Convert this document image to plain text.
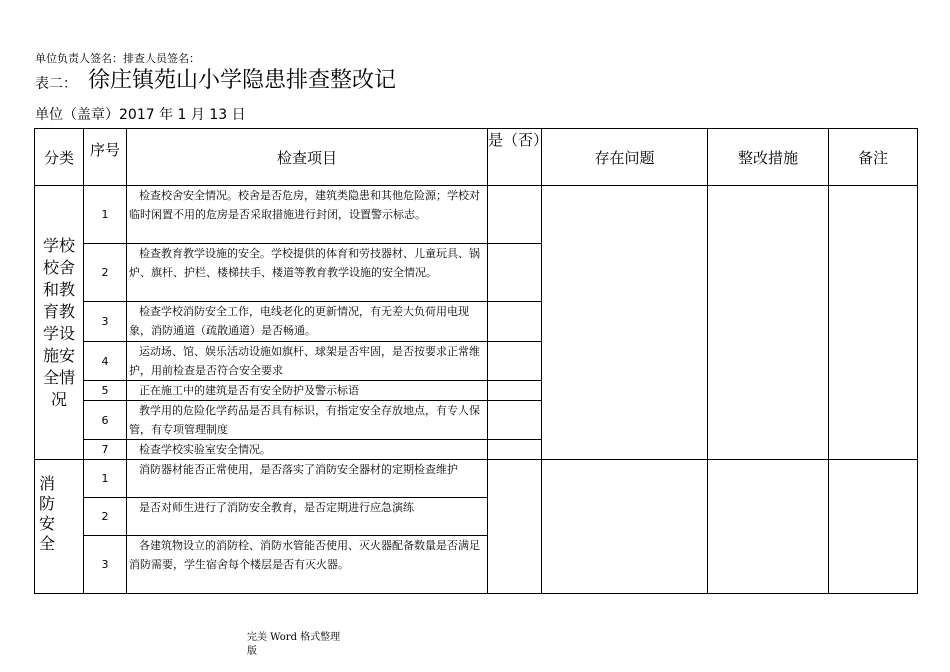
单位负责人签名：排查人员签名：
表二： 徐庄镇苑山小学隐患排查整改记
单位（盖章）2017 年 1 月 13 日
分类	序号	检查项目	是（否）	存在问题	整改措施	备注

学校校舍和教育教学设施安全情况	1	检查校舍安全情况。校舍是否危房，建筑类隐患和其他危险源；学校对临时闲置不用的危房是否采取措施进行封闭，设置警示标志。				

	2	检查教育教学设施的安全。学校提供的体育和劳技器材、儿童玩具、锅炉、旗杆、护栏、楼梯扶手、楼道等教育教学设施的安全情况。				

	3	检查学校消防安全工作，电线老化的更新情况，有无差大负荷用电现象，消防通道（疏散通道）是否畅通。				

	4	运动场、馆、娱乐活动设施如旗杆、球架是否牢固，是否按要求正常维护，用前检查是否符合安全要求				

	5	正在施工中的建筑是否有安全防护及警示标语				

	6	教学用的危险化学药品是否具有标识，有指定安全存放地点，有专人保管，有专项管理制度				

	7	检查学校实验室安全情况。				

消防安全	1	消防器材能否正常使用，是否落实了消防安全器材的定期检查维护				

	2	是否对师生进行了消防安全教育，是否定期进行应急演练				

	3	各建筑物设立的消防栓、消防水管能否使用、灭火器配备数量是否满足消防需要，学生宿舍每个楼层是否有灭火器。				
完美 Word 格式整理
版
